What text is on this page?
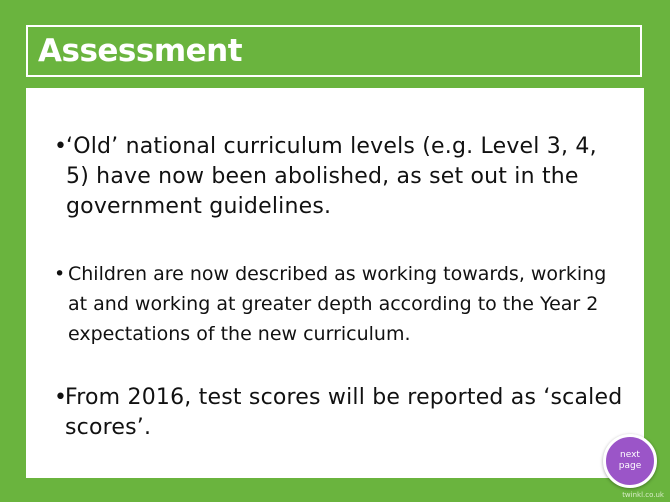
Assessment

•
‘Old’ national curriculum levels (e.g. Level 3, 4, 5) have now been abolished, as set out in the government guidelines.

• Children are now described as working towards, working at and working at greater depth according to the Year 2 expectations of the new curriculum.

•
From 2016, test scores will be reported as ‘scaled scores’.

next
page
twinkl.co.uk
